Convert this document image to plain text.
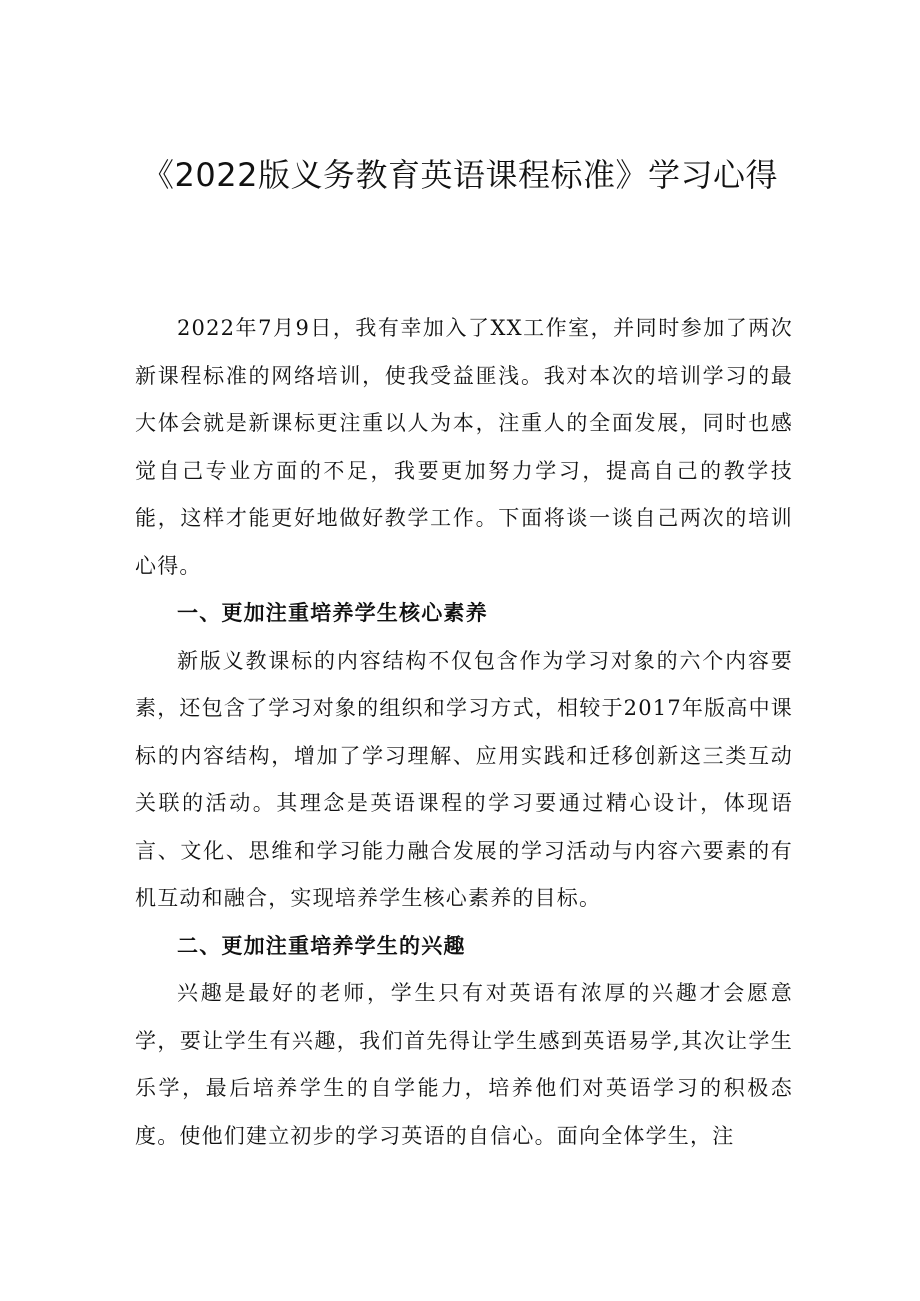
《2022版义务教育英语课程标准》学习心得

2022年7月9日，我有幸加入了XX工作室，并同时参加了两次新课程标准的网络培训，使我受益匪浅。我对本次的培训学习的最大体会就是新课标更注重以人为本，注重人的全面发展，同时也感觉自己专业方面的不足，我要更加努力学习，提高自己的教学技能，这样才能更好地做好教学工作。下面将谈一谈自己两次的培训心得。

一、更加注重培养学生核心素养

新版义教课标的内容结构不仅包含作为学习对象的六个内容要素，还包含了学习对象的组织和学习方式，相较于2017年版高中课标的内容结构，增加了学习理解、应用实践和迁移创新这三类互动关联的活动。其理念是英语课程的学习要通过精心设计，体现语言、文化、思维和学习能力融合发展的学习活动与内容六要素的有机互动和融合，实现培养学生核心素养的目标。

二、更加注重培养学生的兴趣

兴趣是最好的老师，学生只有对英语有浓厚的兴趣才会愿意学，要让学生有兴趣，我们首先得让学生感到英语易学,其次让学生乐学，最后培养学生的自学能力，培养他们对英语学习的积极态度。使他们建立初步的学习英语的自信心。面向全体学生，注
